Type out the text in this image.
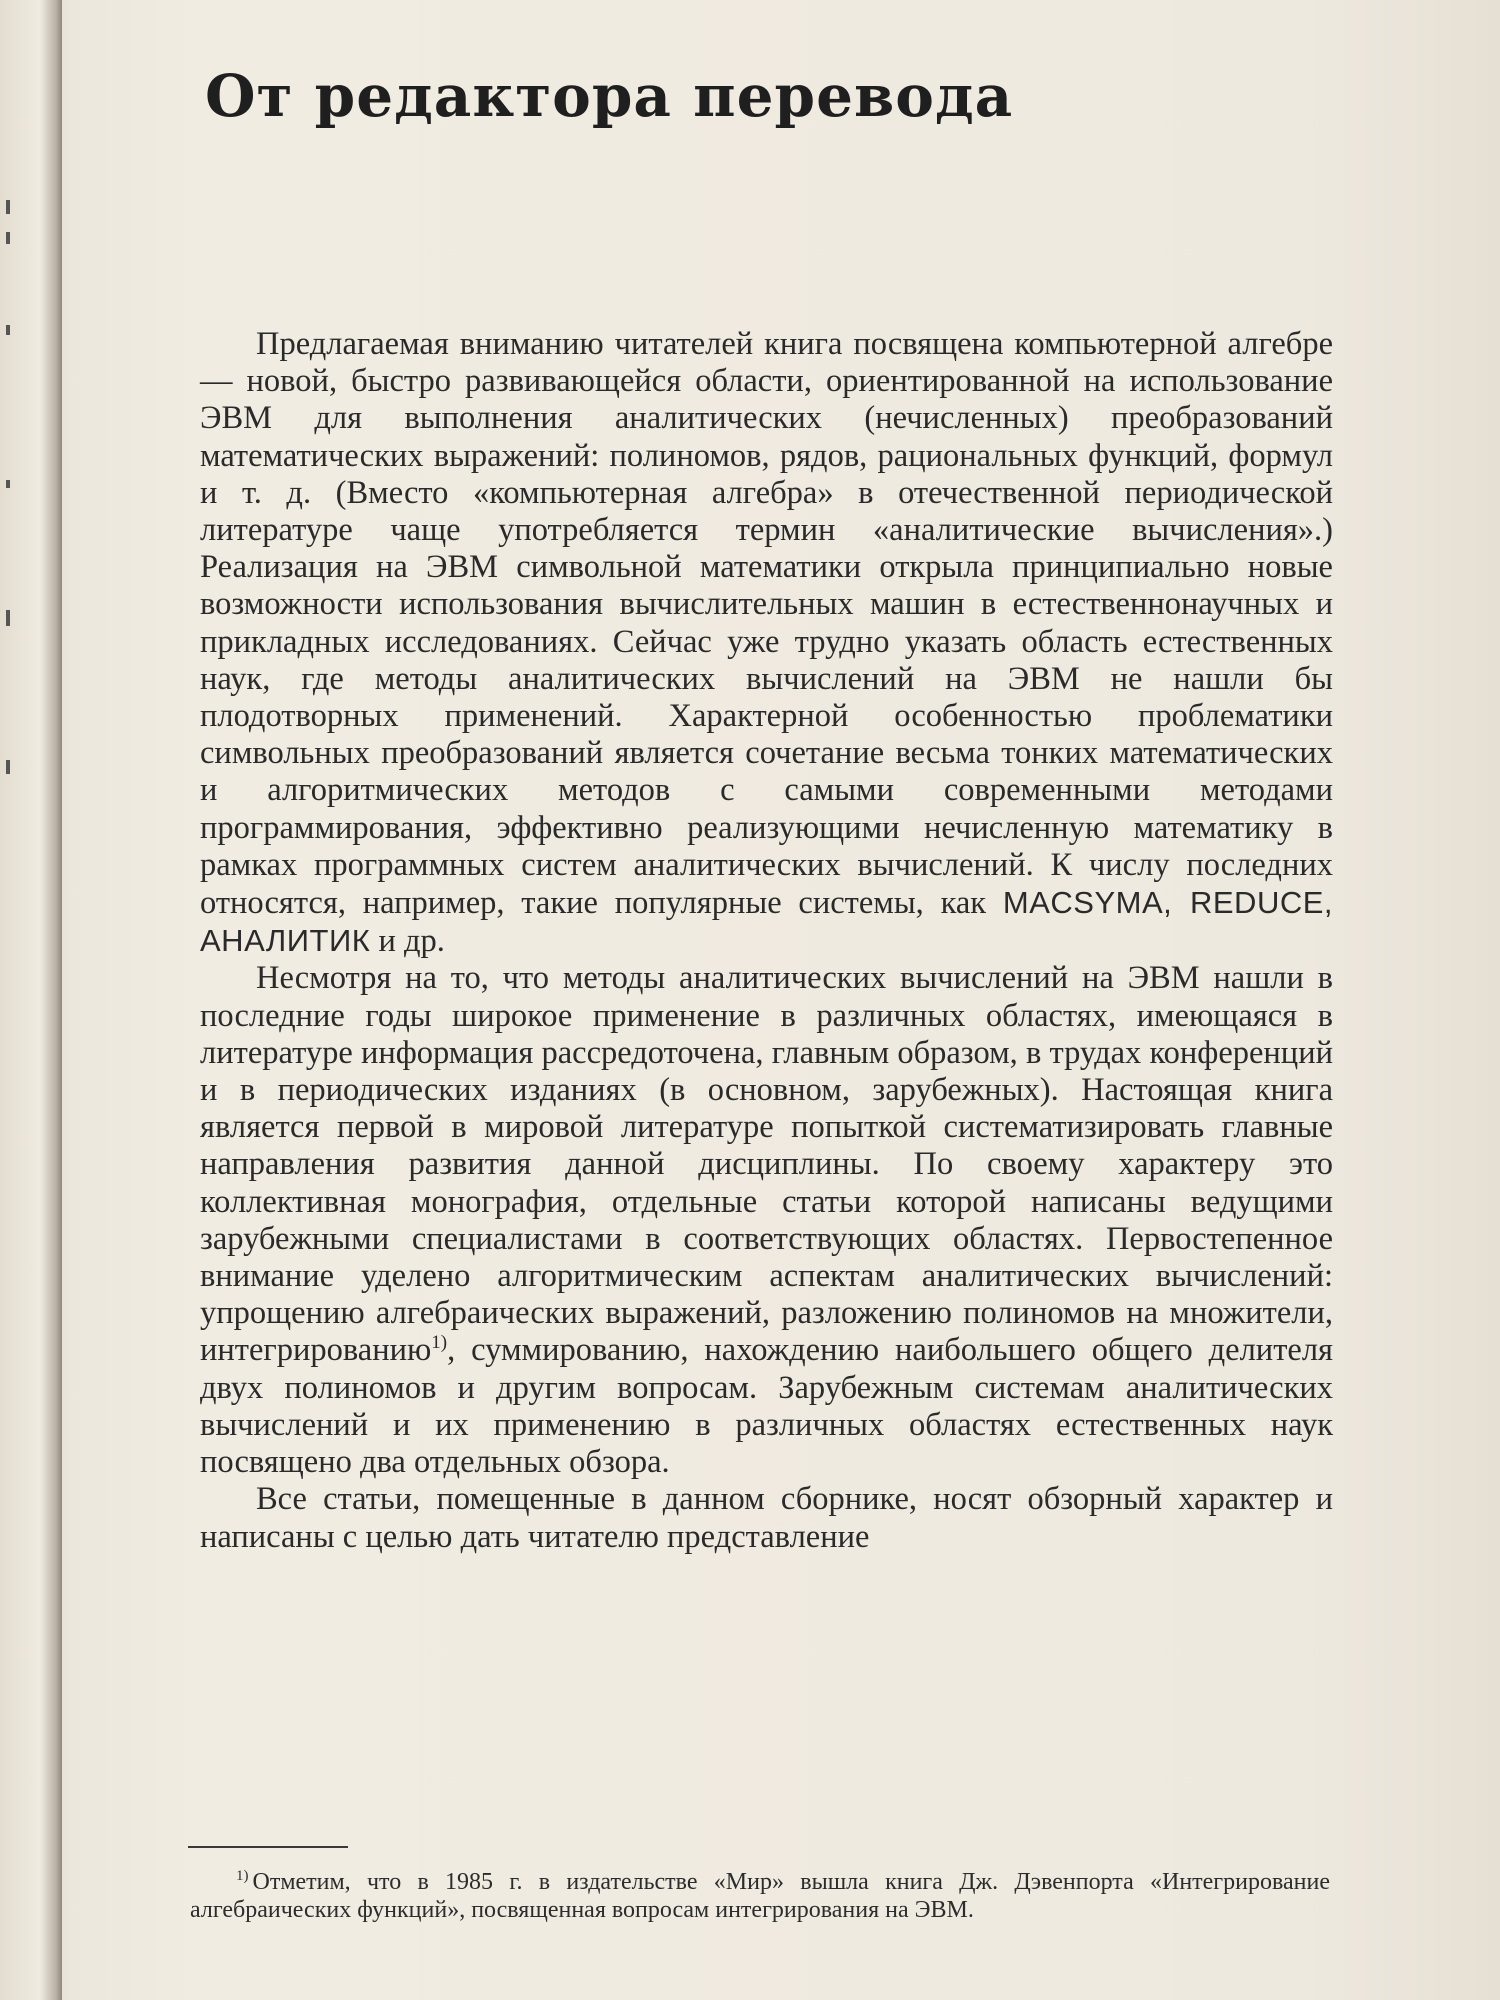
От редактора перевода

Предлагаемая вниманию читателей книга посвящена компьютерной алгебре — новой, быстро развивающейся области, ориентированной на использование ЭВМ для выполнения аналитических (нечисленных) преобразований математических выражений: полиномов, рядов, рациональных функций, формул и т. д. (Вместо «компьютерная алгебра» в отечественной периодической литературе чаще употребляется термин «аналитические вычисления».) Реализация на ЭВМ символьной математики открыла принципиально новые возможности использования вычислительных машин в естественнонаучных и прикладных исследованиях. Сейчас уже трудно указать область естественных наук, где методы аналитических вычислений на ЭВМ не нашли бы плодотворных применений. Характерной особенностью проблематики символьных преобразований является сочетание весьма тонких математических и алгоритмических методов с самыми современными методами программирования, эффективно реализующими нечисленную математику в рамках программных систем аналитических вычислений. К числу последних относятся, например, такие популярные системы, как MACSYMA, REDUCE, АНАЛИТИК и др.

Несмотря на то, что методы аналитических вычислений на ЭВМ нашли в последние годы широкое применение в различных областях, имеющаяся в литературе информация рассредоточена, главным образом, в трудах конференций и в периодических изданиях (в основном, зарубежных). Настоящая книга является первой в мировой литературе попыткой систематизировать главные направления развития данной дисциплины. По своему характеру это коллективная монография, отдельные статьи которой написаны ведущими зарубежными специалистами в соответствующих областях. Первостепенное внимание уделено алгоритмическим аспектам аналитических вычислений: упрощению алгебраических выражений, разложению полиномов на множители, интегрированию$^{1)}$, суммированию, нахождению наибольшего общего делителя двух полиномов и другим вопросам. Зарубежным системам аналитических вычислений и их применению в различных областях естественных наук посвящено два отдельных обзора.

Все статьи, помещенные в данном сборнике, носят обзорный характер и написаны с целью дать читателю представление

$^{1)}$ Отметим, что в 1985 г. в издательстве «Мир» вышла книга Дж. Дэвенпорта «Интегрирование алгебраических функций», посвященная вопросам интегрирования на ЭВМ.
